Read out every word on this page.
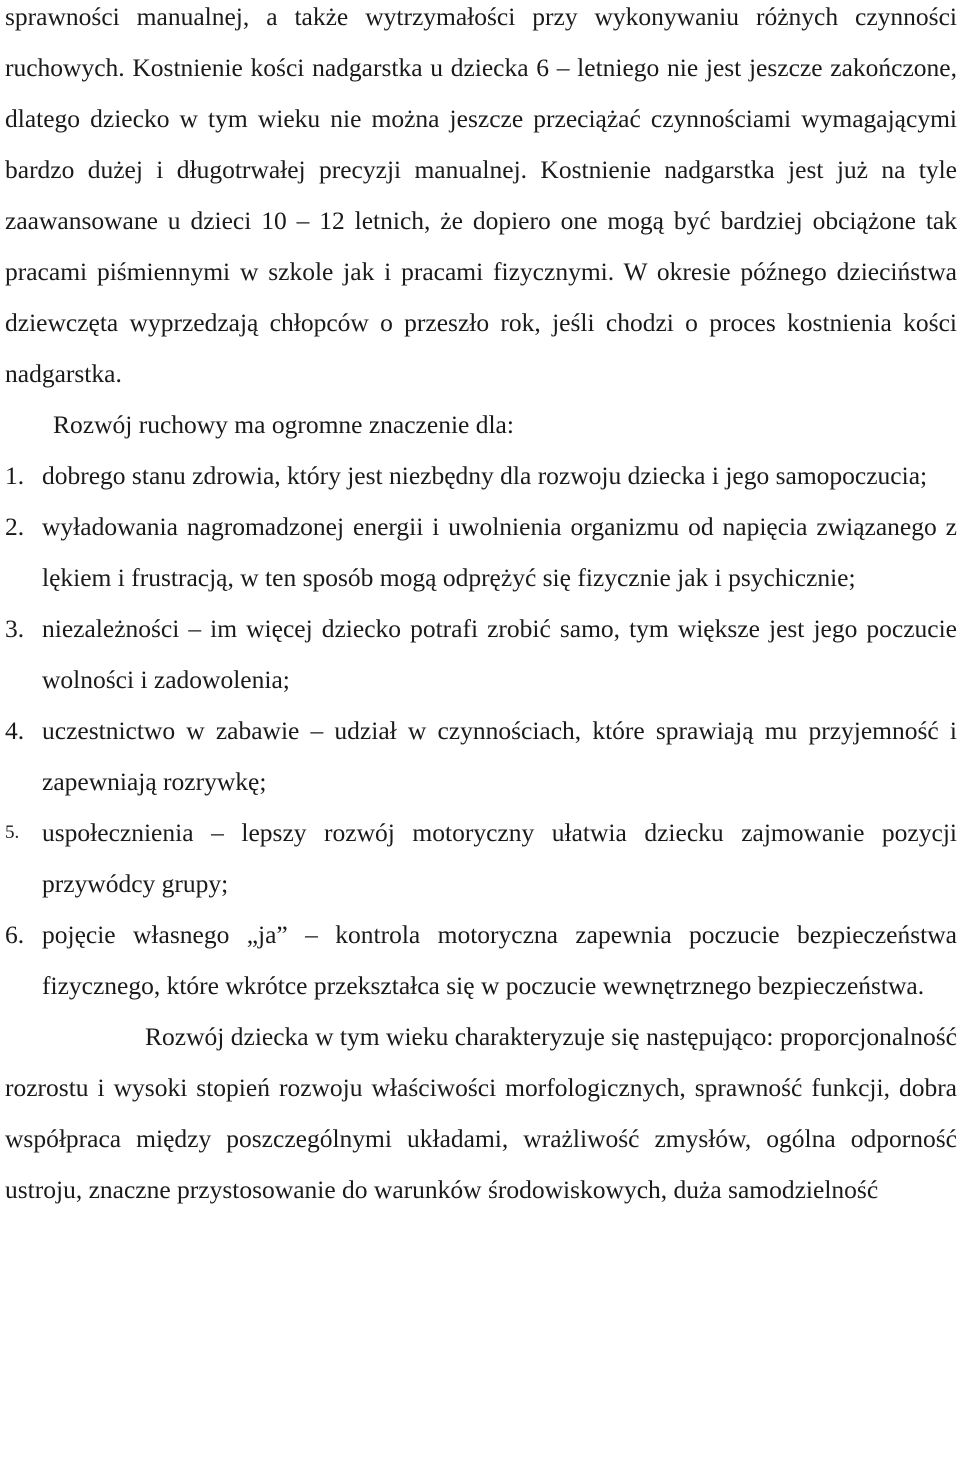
sprawności manualnej, a także wytrzymałości przy wykonywaniu różnych czynności ruchowych. Kostnienie kości nadgarstka u dziecka 6 – letniego nie jest jeszcze zakończone, dlatego dziecko w tym wieku nie można jeszcze przeciążać czynnościami wymagającymi bardzo dużej i długotrwałej precyzji manualnej. Kostnienie nadgarstka jest już na tyle zaawansowane u dzieci 10 – 12 letnich, że dopiero one mogą być bardziej obciążone tak pracami piśmiennymi w szkole jak i pracami fizycznymi. W okresie późnego dzieciństwa dziewczęta wyprzedzają chłopców o przeszło rok, jeśli chodzi o proces kostnienia kości nadgarstka.

Rozwój ruchowy ma ogromne znaczenie dla:

1. dobrego stanu zdrowia, który jest niezbędny dla rozwoju dziecka i jego samopoczucia;
2. wyładowania nagromadzonej energii i uwolnienia organizmu od napięcia związanego z lękiem i frustracją, w ten sposób mogą odprężyć się fizycznie jak i psychicznie;
3. niezależności – im więcej dziecko potrafi zrobić samo, tym większe jest jego poczucie wolności i zadowolenia;
4. uczestnictwo w zabawie – udział w czynnościach, które sprawiają mu przyjemność i zapewniają rozrywkę;
5. uspołecznienia – lepszy rozwój motoryczny ułatwia dziecku zajmowanie pozycji przywódcy grupy;
6. pojęcie własnego „ja” – kontrola motoryczna zapewnia poczucie bezpieczeństwa fizycznego, które wkrótce przekształca się w poczucie wewnętrznego bezpieczeństwa.

Rozwój dziecka w tym wieku charakteryzuje się następująco: proporcjonalność rozrostu i wysoki stopień rozwoju właściwości morfologicznych, sprawność funkcji, dobra współpraca między poszczególnymi układami, wrażliwość zmysłów, ogólna odporność ustroju, znaczne przystosowanie do warunków środowiskowych, duża samodzielność
